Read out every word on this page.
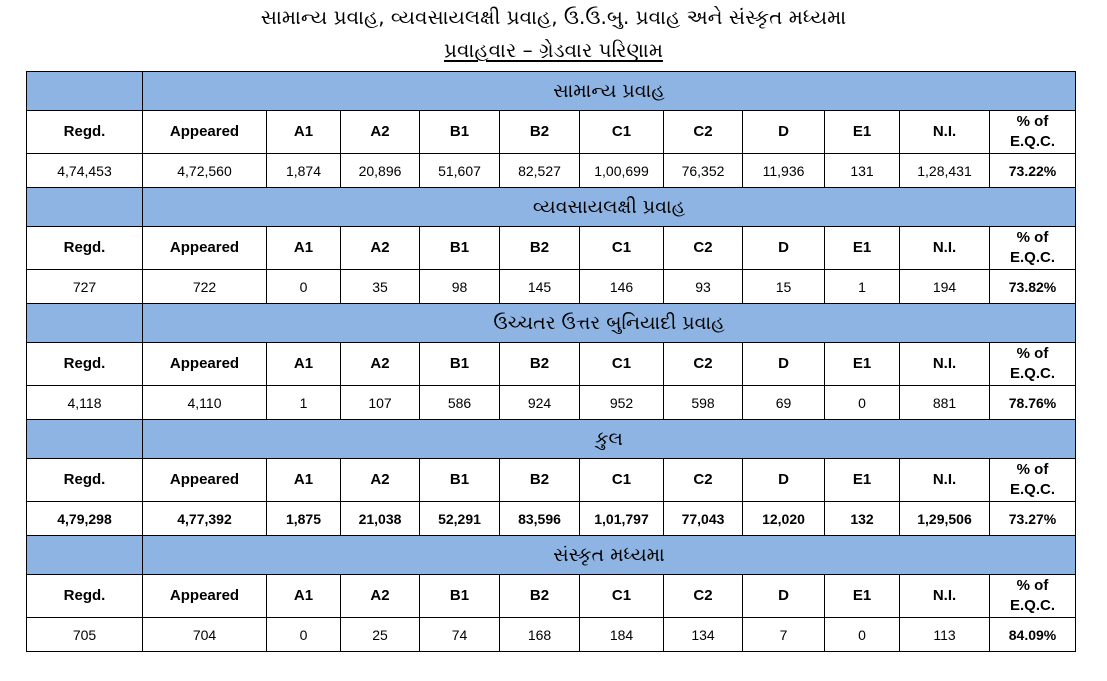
સામાન્ય પ્રવાહ, વ્યવસાયલક્ષી પ્રવાહ, ઉ.ઉ.બુ. પ્રવાહ અને સંસ્કૃત મધ્યમા
પ્રવાહવાર – ગ્રેડવાર પરિણામ
	સામાન્ય પ્રવાહ										
Regd.	Appeared	A1	A2	B1	B2	C1	C2	D	E1	N.I.	% of E.Q.C.
4,74,453	4,72,560	1,874	20,896	51,607	82,527	1,00,699	76,352	11,936	131	1,28,431	73.22%
	વ્યવસાયલક્ષી પ્રવાહ										
Regd.	Appeared	A1	A2	B1	B2	C1	C2	D	E1	N.I.	% of E.Q.C.
727	722	0	35	98	145	146	93	15	1	194	73.82%
	ઉચ્ચતર ઉત્તર બુનિયાદી પ્રવાહ										
Regd.	Appeared	A1	A2	B1	B2	C1	C2	D	E1	N.I.	% of E.Q.C.
4,118	4,110	1	107	586	924	952	598	69	0	881	78.76%
	કુલ										
Regd.	Appeared	A1	A2	B1	B2	C1	C2	D	E1	N.I.	% of E.Q.C.
4,79,298	4,77,392	1,875	21,038	52,291	83,596	1,01,797	77,043	12,020	132	1,29,506	73.27%
	સંસ્કૃત મધ્યમા										
Regd.	Appeared	A1	A2	B1	B2	C1	C2	D	E1	N.I.	% of E.Q.C.
705	704	0	25	74	168	184	134	7	0	113	84.09%
